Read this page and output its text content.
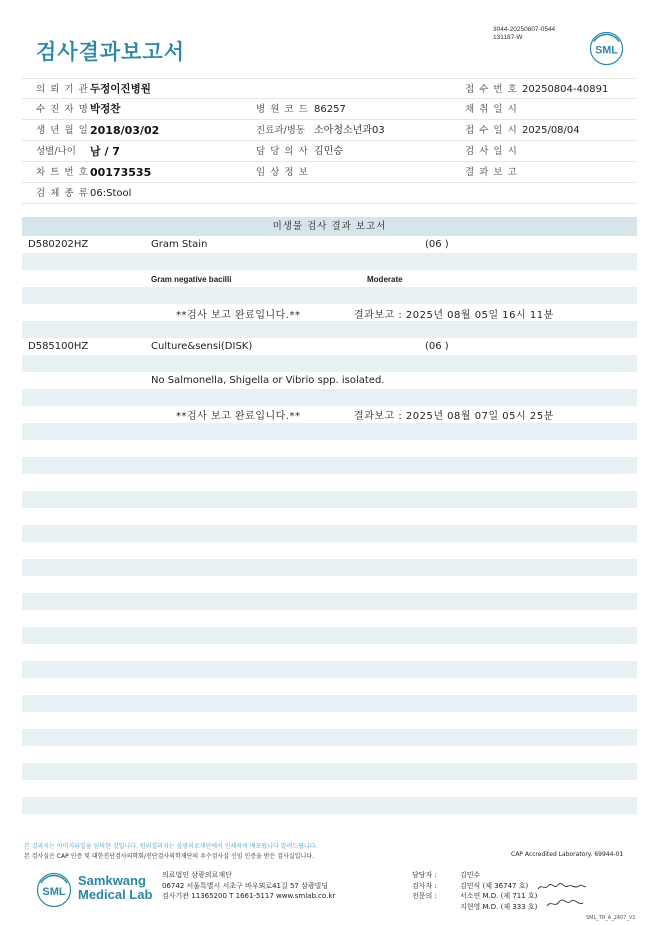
검사결과보고서
3044-20250807-0544
131187-W
SML
의 뢰 기 관 두정이진병원	접 수 번 호 20250804-40891
수 진 자 명 박정찬	병 원 코 드 86257	채 취 일 시
생 년 월 일 2018/03/02	진료과/병동 소아청소년과03	접 수 일 시 2025/08/04
성별/나이 남 / 7	담 당 의 사 김민승	검 사 일 시
차 트 번 호 00173535	임 상 정 보	결 과 보 고
검 체 종 류 06:Stool
미생물 검사 결과 보고서
D580202HZ	Gram Stain	(06 )
Gram negative bacilli	Moderate
**검사 보고 완료입니다.**	결과보고 : 2025년 08월 05일 16시 11분
D585100HZ	Culture&sensi(DISK)	(06 )
No Salmonella, Shigella or Vibrio spp. isolated.
**검사 보고 완료입니다.**	결과보고 : 2025년 08월 07일 05시 25분
본 결과지는 이미지파일을 임의한 것입니다. 원의결과지는 삼광의료재단에서 인쇄하여 배포됩니다 알려드립니다.
본 검사실은 CAP 인증 및 대한진단검사의학회/진단검사의학재단의 우수검사실 신임 인증을 받은 검사실입니다.	CAP Accredited Laboratory. 69944-01
SML
Samkwang
Medical Lab
의료법인 삼광의료재단
06742 서울특별시 서초구 바우뫼로41길 57 삼광빌딩
검사기관 11365200 T 1661-5117 www.smlab.co.kr
담당자 :	김민수
검사자 :	김민식 (제 36747 호)
전문의 :	서소연 M.D. (제 711 호)
지현영 M.D. (제 333 호)
SML_TR_A_2407_V1
